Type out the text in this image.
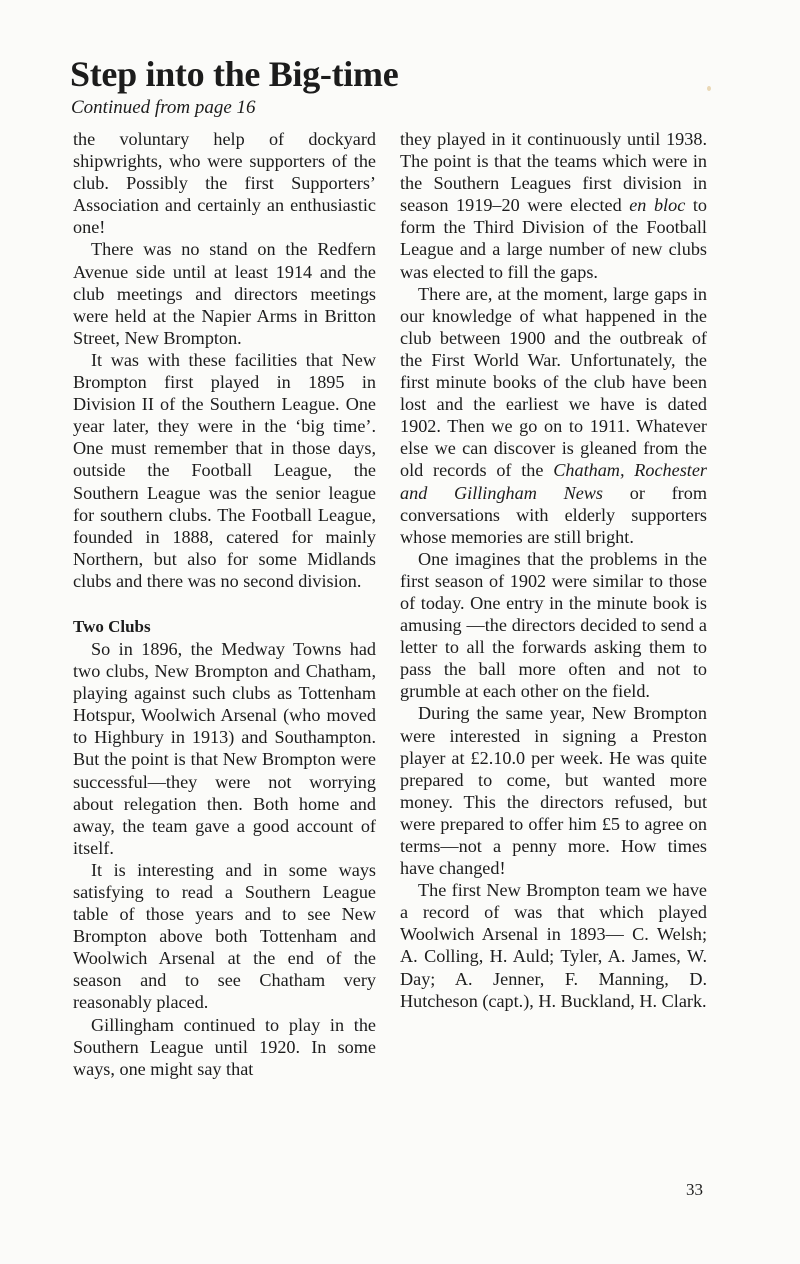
Step into the Big-time
Continued from page 16

the voluntary help of dockyard shipwrights, who were supporters of the club. Possibly the first Supporters’ Association and certainly an enthusiastic one!

There was no stand on the Redfern Avenue side until at least 1914 and the club meetings and directors meetings were held at the Napier Arms in Britton Street, New Brompton.

It was with these facilities that New Brompton first played in 1895 in Division II of the Southern League. One year later, they were in the ‘big time’. One must remember that in those days, outside the Football League, the Southern League was the senior league for southern clubs. The Football League, founded in 1888, catered for mainly Northern, but also for some Midlands clubs and there was no second division.

Two Clubs

So in 1896, the Medway Towns had two clubs, New Brompton and Chatham, playing against such clubs as Tottenham Hotspur, Woolwich Arsenal (who moved to Highbury in 1913) and Southampton. But the point is that New Brompton were successful—they were not worrying about relegation then. Both home and away, the team gave a good account of itself.

It is interesting and in some ways satisfying to read a Southern League table of those years and to see New Brompton above both Tottenham and Woolwich Arsenal at the end of the season and to see Chatham very reasonably placed.

Gillingham continued to play in the Southern League until 1920. In some ways, one might say that

they played in it continuously until 1938. The point is that the teams which were in the Southern Leagues first division in season 1919–20 were elected en bloc to form the Third Division of the Football League and a large number of new clubs was elected to fill the gaps.

There are, at the moment, large gaps in our knowledge of what happened in the club between 1900 and the outbreak of the First World War. Unfortunately, the first minute books of the club have been lost and the earliest we have is dated 1902. Then we go on to 1911. Whatever else we can discover is gleaned from the old records of the Chatham, Rochester and Gillingham News or from conversations with elderly supporters whose memories are still bright.

One imagines that the problems in the first season of 1902 were similar to those of today. One entry in the minute book is amusing —the directors decided to send a letter to all the forwards asking them to pass the ball more often and not to grumble at each other on the field.

During the same year, New Brompton were interested in signing a Preston player at £2.10.0 per week. He was quite prepared to come, but wanted more money. This the directors refused, but were prepared to offer him £5 to agree on terms—not a penny more. How times have changed!

The first New Brompton team we have a record of was that which played Woolwich Arsenal in 1893— C. Welsh; A. Colling, H. Auld; Tyler, A. James, W. Day; A. Jenner, F. Manning, D. Hutcheson (capt.), H. Buckland, H. Clark.

33
